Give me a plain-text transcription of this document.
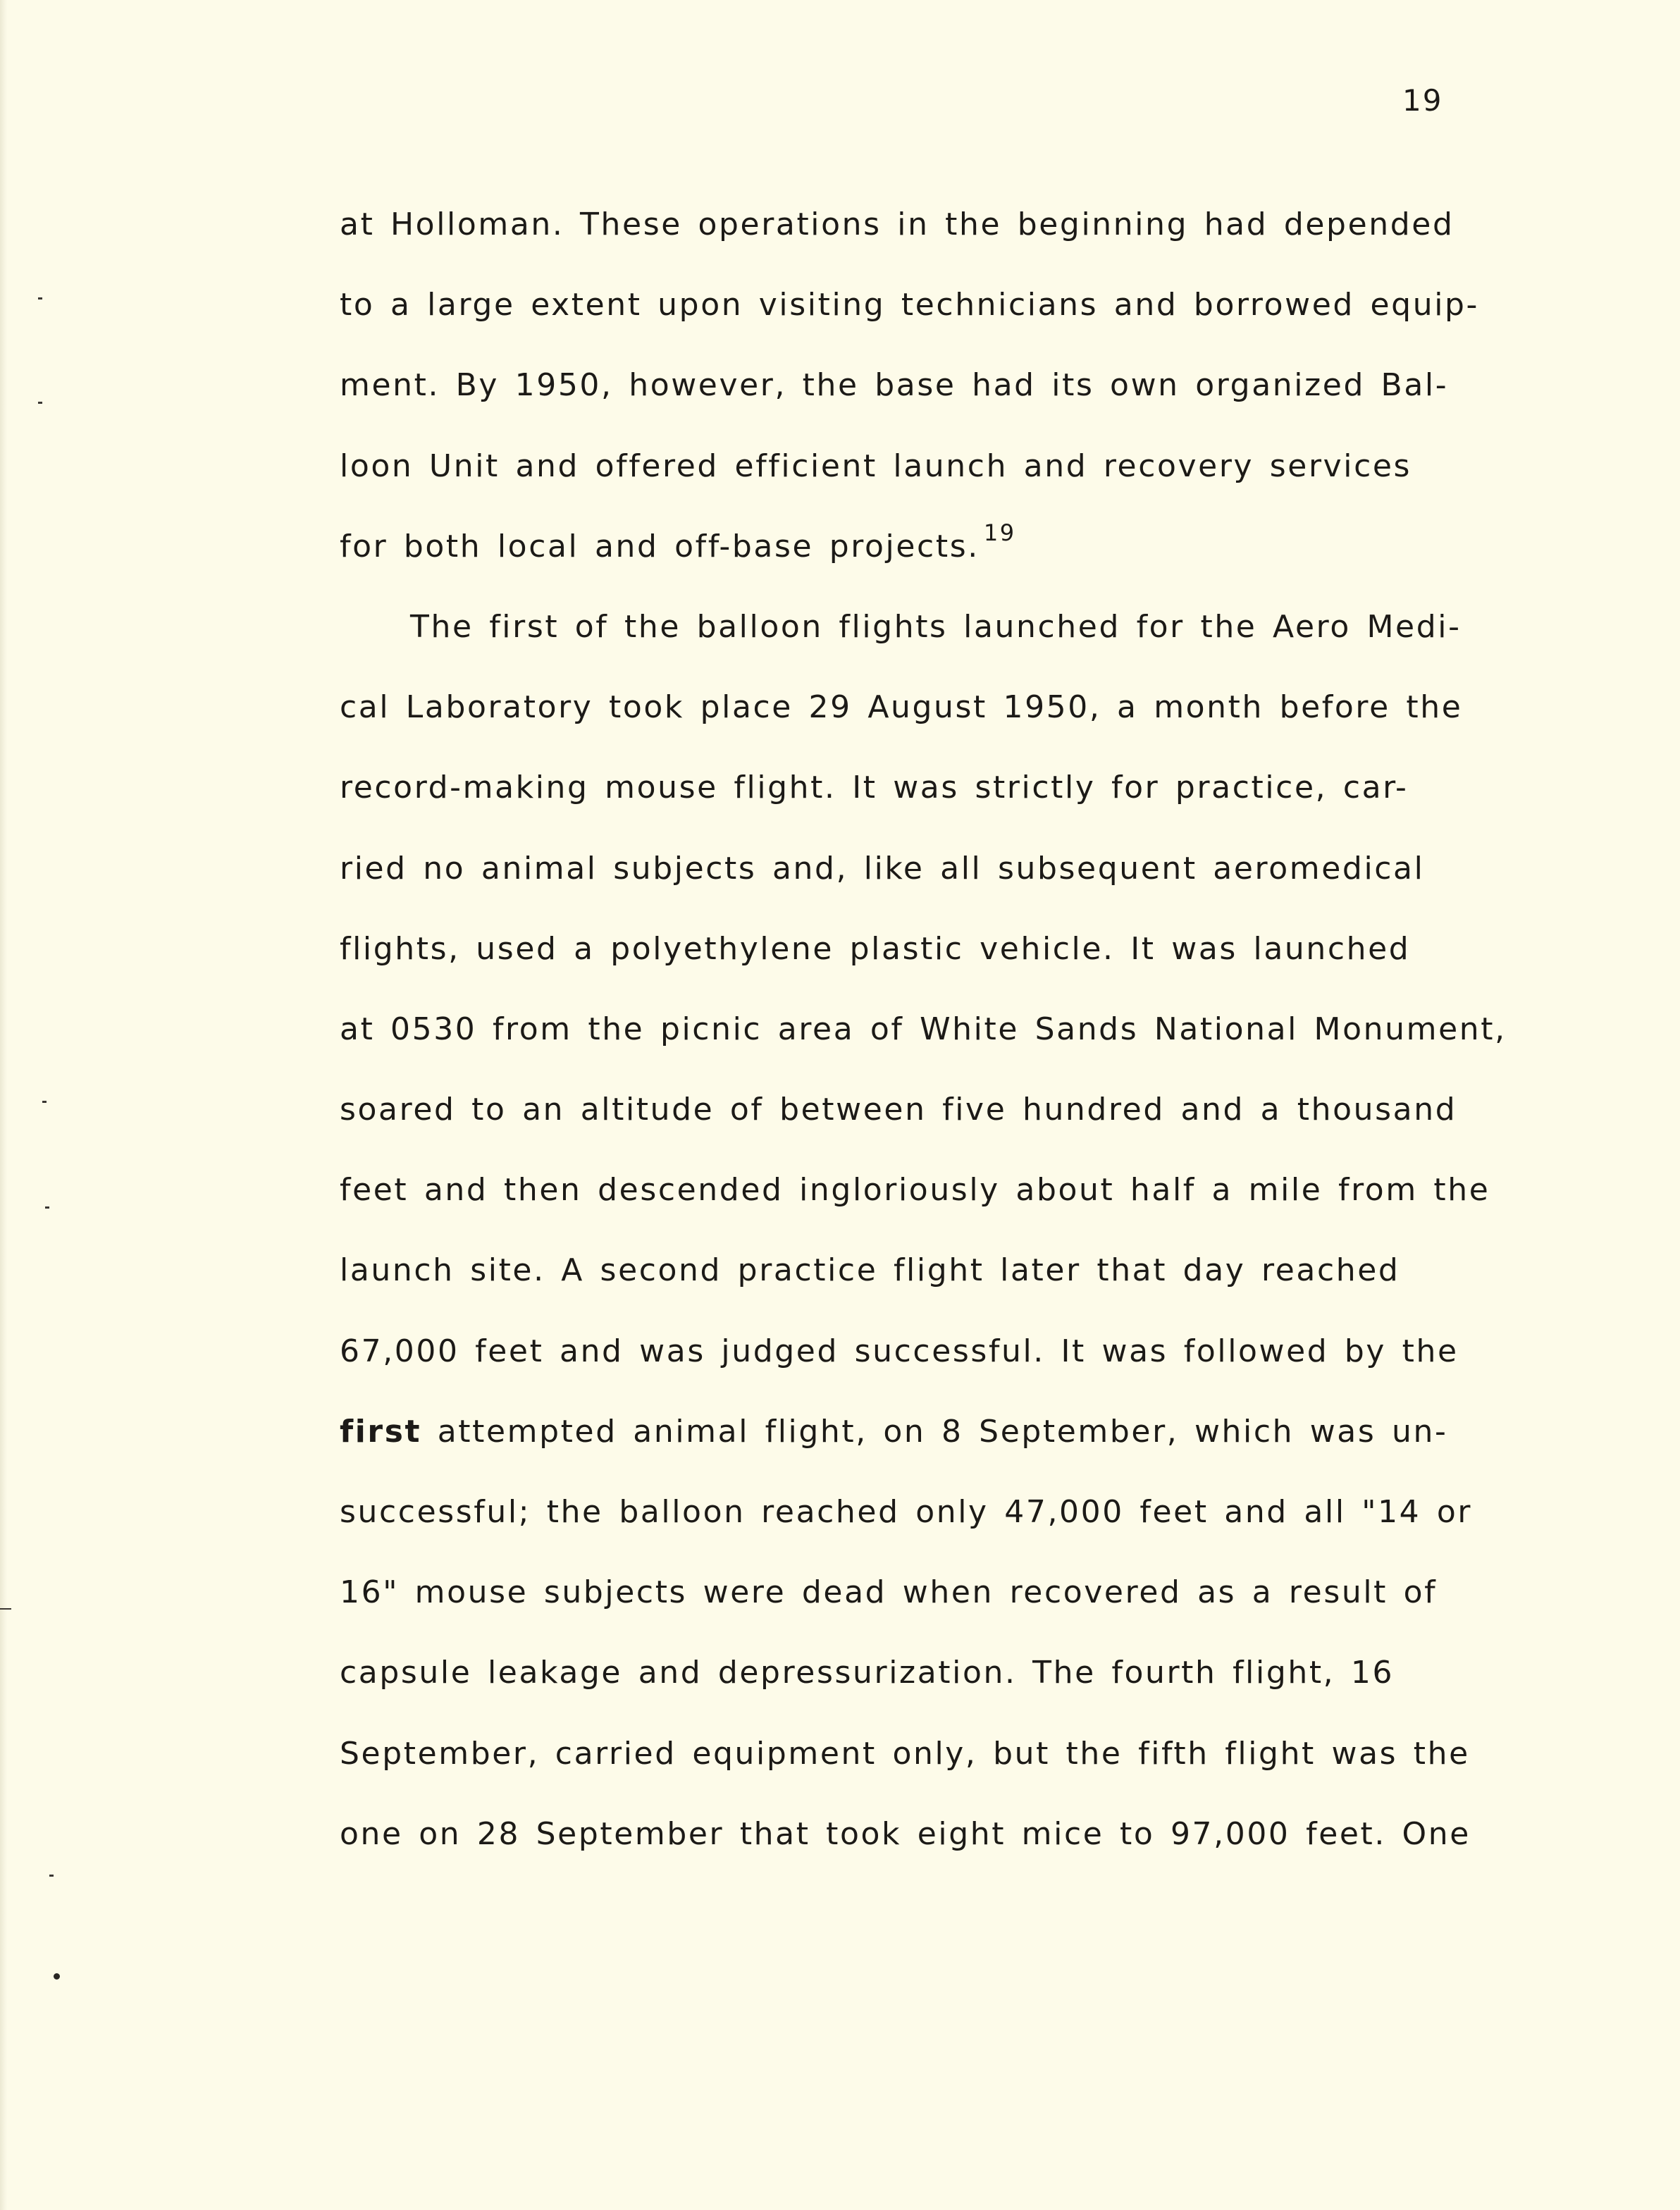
19

at Holloman. These operations in the beginning had depended

to a large extent upon visiting technicians and borrowed equip-

ment. By 1950, however, the base had its own organized Bal-

loon Unit and offered efficient launch and recovery services

for both local and off-base projects. $^{19}$

The first of the balloon flights launched for the Aero Medi-

cal Laboratory took place 29 August 1950, a month before the

record-making mouse flight. It was strictly for practice, car-

ried no animal subjects and, like all subsequent aeromedical

flights, used a polyethylene plastic vehicle. It was launched

at 0530 from the picnic area of White Sands National Monument,

soared to an altitude of between five hundred and a thousand

feet and then descended ingloriously about half a mile from the

launch site. A second practice flight later that day reached

67,000 feet and was judged successful. It was followed by the

first attempted animal flight, on 8 September, which was un-

successful; the balloon reached only 47,000 feet and all "14 or

16" mouse subjects were dead when recovered as a result of

capsule leakage and depressurization. The fourth flight, 16

September, carried equipment only, but the fifth flight was the

one on 28 September that took eight mice to 97,000 feet. One
